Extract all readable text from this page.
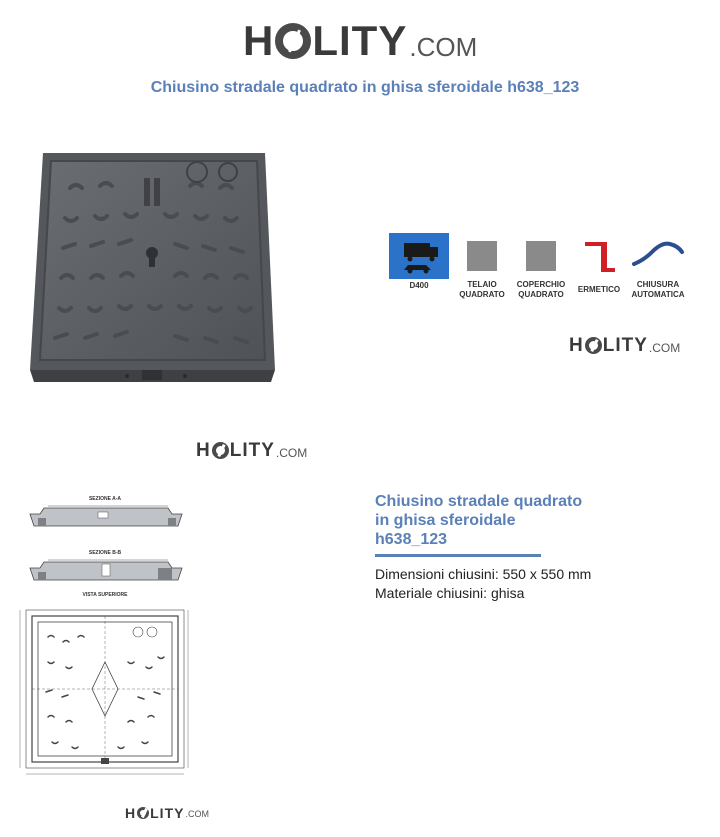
H LITY .COM
Chiusino stradale quadrato in ghisa sferoidale h638_123
D400	TELAIO
QUADRATO
COPERCHIO
QUADRATO
ERMETICO
CHIUSURA
AUTOMATICA
H LITY .COM
H LITY .COM
H LITY .COM
SEZIONE A-A
SEZIONE B-B
VISTA SUPERIORE
Chiusino stradale quadrato
in ghisa sferoidale
h638_123
Dimensioni chiusini: 550 x 550 mm
Materiale chiusini: ghisa
